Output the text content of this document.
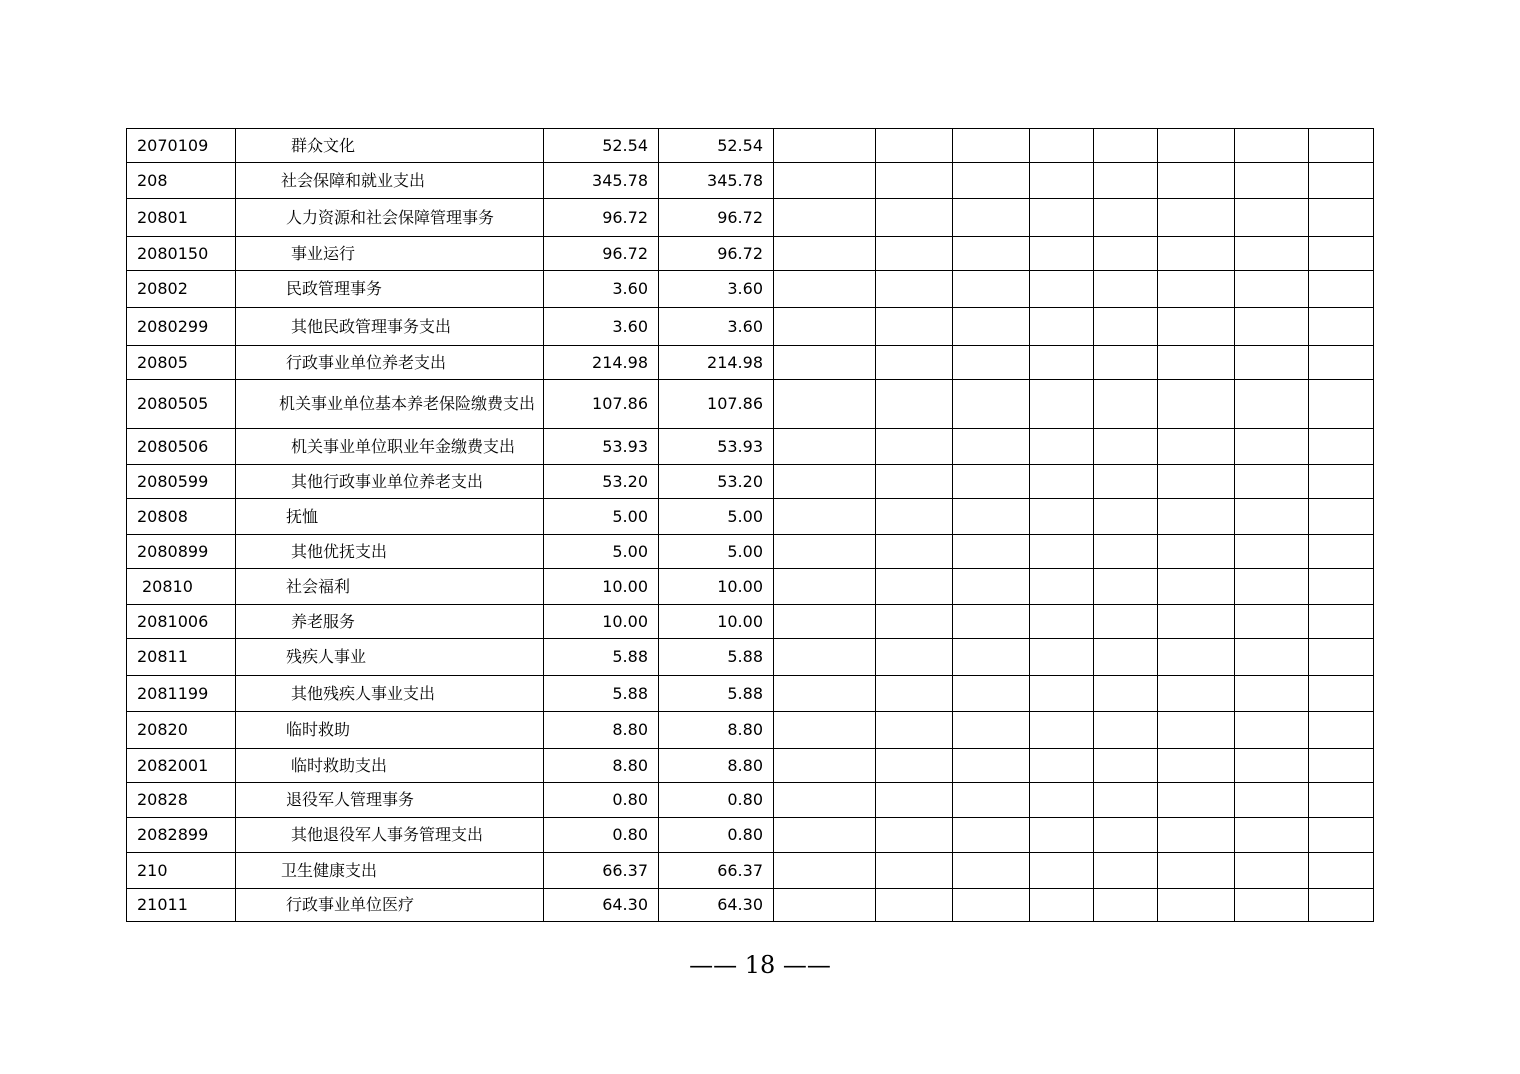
2070109	群众文化	52.54	52.54								
208	社会保障和就业支出	345.78	345.78								
20801	人力资源和社会保障管理事务	96.72	96.72								
2080150	事业运行	96.72	96.72								
20802	民政管理事务	3.60	3.60								
2080299	其他民政管理事务支出	3.60	3.60								
20805	行政事业单位养老支出	214.98	214.98								
2080505	机关事业单位基本养老保险缴费支出	107.86	107.86								
2080506	机关事业单位职业年金缴费支出	53.93	53.93								
2080599	其他行政事业单位养老支出	53.20	53.20								
20808	抚恤	5.00	5.00								
2080899	其他优抚支出	5.00	5.00								
20810	社会福利	10.00	10.00								
2081006	养老服务	10.00	10.00								
20811	残疾人事业	5.88	5.88								
2081199	其他残疾人事业支出	5.88	5.88								
20820	临时救助	8.80	8.80								
2082001	临时救助支出	8.80	8.80								
20828	退役军人管理事务	0.80	0.80								
2082899	其他退役军人事务管理支出	0.80	0.80								
210	卫生健康支出	66.37	66.37								
21011	行政事业单位医疗	64.30	64.30								
—— 18 ——
